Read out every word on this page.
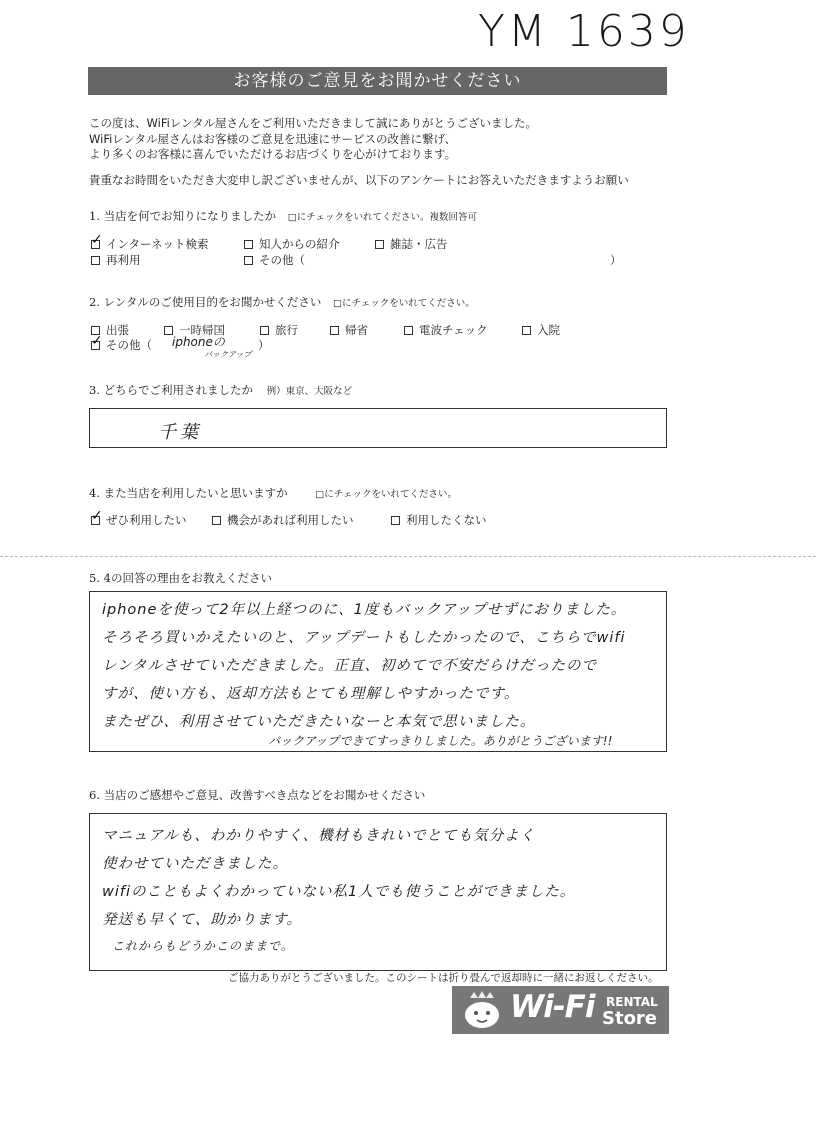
YM 1639
お客様のご意見をお聞かせください
この度は、WiFiレンタル屋さんをご利用いただきまして誠にありがとうございました。
WiFiレンタル屋さんはお客様のご意見を迅速にサービスの改善に繋げ、
より多くのお客様に喜んでいただけるお店づくりを心がけております。
貴重なお時間をいただき大変申し訳ございませんが、以下のアンケートにお答えいただきますようお願い
1. 当店を何でお知りになりましたか □にチェックをいれてください。複数回答可
✓インターネット検索	知人からの紹介	雑誌・広告
再利用	その他（	）
2. レンタルのご使用目的をお聞かせください □にチェックをいれてください。
出張	一時帰国	旅行	帰省	電波チェック	入院
✓その他（ iphoneの
バックアップ
）
3. どちらでご利用されましたか 例）東京、大阪など
千葉
4. また当店を利用したいと思いますか	□にチェックをいれてください。
✓ぜひ利用したい	機会があれば利用したい	利用したくない
5. 4の回答の理由をお教えください
iphoneを使って2年以上経つのに、1度もバックアップせずにおりました。
そろそろ買いかえたいのと、アップデートもしたかったので、こちらでwifi
レンタルさせていただきました。正直、初めてで不安だらけだったので
すが、使い方も、返却方法もとても理解しやすかったです。
またぜひ、利用させていただきたいなーと本気で思いました。
バックアップできてすっきりしました。ありがとうございます!!
6. 当店のご感想やご意見、改善すべき点などをお聞かせください
マニュアルも、わかりやすく、機材もきれいでとても気分よく
使わせていただきました。
wifiのこともよくわかっていない私1人でも使うことができました。
発送も早くて、助かります。
これからもどうかこのままで。
ご協力ありがとうございました。このシートは折り畳んで返却時に一緒にお返しください。
Wi-Fi RENTAL
Store
